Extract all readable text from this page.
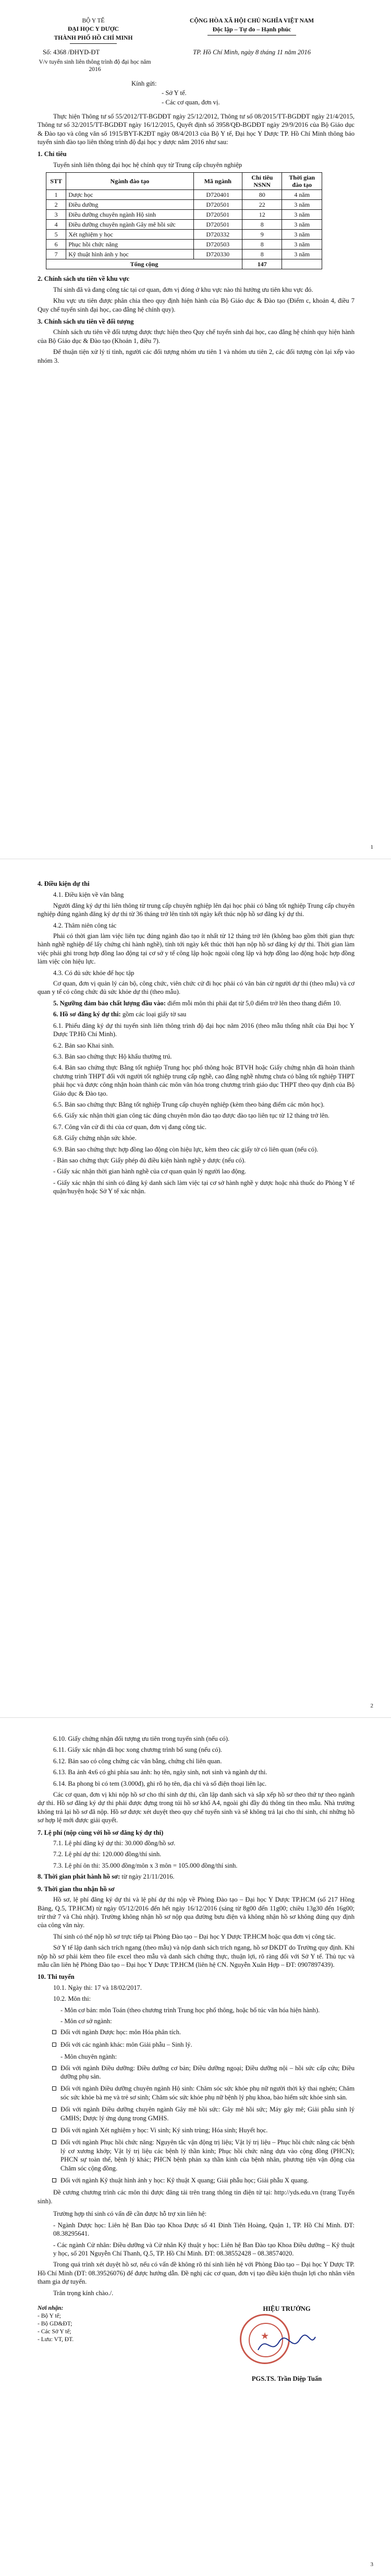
BỘ Y TẾ
ĐẠI HỌC Y DƯỢC
THÀNH PHỐ HỒ CHÍ MINH
CỘNG HÒA XÃ HỘI CHỦ NGHĨA VIỆT NAM
Độc lập – Tự do – Hạnh phúc
Số: 4368 /ĐHYD-ĐT	TP. Hồ Chí Minh, ngày 8 tháng 11 năm 2016
V/v tuyển sinh liên thông trình độ đại học năm 2016

Kính gửi:

- Sở Y tế.

- Các cơ quan, đơn vị.

Thực hiện Thông tư số 55/2012/TT-BGDĐT ngày 25/12/2012, Thông tư số 08/2015/TT-BGDĐT ngày 21/4/2015, Thông tư số 32/2015/TT-BGDĐT ngày 16/12/2015, Quyết định số 3958/QĐ-BGDĐT ngày 29/9/2016 của Bộ Giáo dục & Đào tạo và công văn số 1915/BYT-K2ĐT ngày 08/4/2013 của Bộ Y tế, Đại học Y Dược TP. Hồ Chí Minh thông báo tuyển sinh đào tạo liên thông trình độ đại học y dược năm 2016 như sau:

1. Chỉ tiêu

Tuyển sinh liên thông đại học hệ chính quy từ Trung cấp chuyên nghiệp

STT	Ngành đào tạo	Mã ngành	Chỉ tiêu NSNN	Thời gian đào tạo
1	Dược học	D720401	80	4 năm
2	Điều dưỡng	D720501	22	3 năm
3	Điều dưỡng chuyên ngành Hộ sinh	D720501	12	3 năm
4	Điều dưỡng chuyên ngành Gây mê hồi sức	D720501	8	3 năm
5	Xét nghiệm y học	D720332	9	3 năm
6	Phục hồi chức năng	D720503	8	3 năm
7	Kỹ thuật hình ảnh y học	D720330	8	3 năm
Tổng cộng			147	
2. Chính sách ưu tiên về khu vực

Thí sinh đã và đang công tác tại cơ quan, đơn vị đóng ở khu vực nào thì hưởng ưu tiên khu vực đó.

Khu vực ưu tiên được phân chia theo quy định hiện hành của Bộ Giáo dục & Đào tạo (Điểm c, khoản 4, điều 7 Quy chế tuyển sinh đại học, cao đẳng hệ chính quy).

3. Chính sách ưu tiên về đối tượng

Chính sách ưu tiên về đối tượng được thực hiện theo Quy chế tuyển sinh đại học, cao đẳng hệ chính quy hiện hành của Bộ Giáo dục & Đào tạo (Khoản 1, điều 7).

Để thuận tiện xử lý tí tình, người các đối tượng nhóm ưu tiên 1 và nhóm ưu tiên 2, các đối tượng còn lại xếp vào nhóm 3.

1
4. Điều kiện dự thi

4.1. Điều kiện về văn bằng

Người đăng ký dự thi liên thông từ trung cấp chuyên nghiệp lên đại học phải có bằng tốt nghiệp Trung cấp chuyên nghiệp đúng ngành đăng ký dự thi từ 36 tháng trở lên tính tới ngày kết thúc nộp hồ sơ đăng ký dự thi.

4.2. Thâm niên công tác

Phải có thời gian làm việc liên tục đúng ngành đào tạo ít nhất từ 12 tháng trở lên (không bao gồm thời gian thực hành nghề nghiệp để lấy chứng chỉ hành nghề), tính tới ngày kết thúc thời hạn nộp hồ sơ đăng ký dự thi. Thời gian làm việc phải ghi trong hợp đồng lao động tại cơ sở y tế công lập hoặc ngoài công lập và hợp đồng lao động hoặc hợp đồng làm việc còn hiệu lực.

4.3. Có đủ sức khỏe để học tập

Cơ quan, đơn vị quản lý cán bộ, công chức, viên chức cử đi học phải có văn bản cử người dự thi (theo mẫu) và cơ quan y tế có công chức đủ sức khỏe dự thi (theo mẫu).

5. Ngưỡng đảm bảo chất lượng đầu vào: điểm mỗi môn thi phải đạt từ 5,0 điểm trở lên theo thang điểm 10.

6. Hồ sơ đăng ký dự thi: gồm các loại giấy tờ sau

6.1. Phiếu đăng ký dự thi tuyển sinh liên thông trình độ đại học năm 2016 (theo mẫu thống nhất của Đại học Y Dược TP.Hồ Chí Minh).

6.2. Bản sao Khai sinh.

6.3. Bản sao chứng thực Hộ khẩu thường trú.

6.4. Bản sao chứng thực Bằng tốt nghiệp Trung học phổ thông hoặc BTVH hoặc Giấy chứng nhận đã hoàn thành chương trình THPT đối với người tốt nghiệp trung cấp nghề, cao đẳng nghề nhưng chưa có bằng tốt nghiệp THPT phải học và được công nhận hoàn thành các môn văn hóa trong chương trình giáo dục THPT theo quy định của Bộ Giáo dục & Đào tạo.

6.5. Bản sao chứng thực Bằng tốt nghiệp Trung cấp chuyên nghiệp (kèm theo bảng điểm các môn học).

6.6. Giấy xác nhận thời gian công tác đúng chuyên môn đào tạo được đào tạo liên tục từ 12 tháng trở lên.

6.7. Công văn cử đi thi của cơ quan, đơn vị đang công tác.

6.8. Giấy chứng nhận sức khỏe.

6.9. Bản sao chứng thực hợp đồng lao động còn hiệu lực, kèm theo các giấy tờ có liên quan (nếu có).

- Bản sao chứng thực Giấy phép đủ điều kiện hành nghề y dược (nếu có).

- Giấy xác nhận thời gian hành nghề của cơ quan quản lý người lao động.

- Giấy xác nhận thí sinh có đăng ký danh sách làm việc tại cơ sở hành nghề y dược hoặc nhà thuốc do Phòng Y tế quận/huyện hoặc Sở Y tế xác nhận.

2

6.10. Giấy chứng nhận đối tượng ưu tiên trong tuyển sinh (nếu có).

6.11. Giấy xác nhận đã học xong chương trình bổ sung (nếu có).

6.12. Bản sao có công chứng các văn bằng, chứng chỉ liên quan.

6.13. Ba ảnh 4x6 có ghi phía sau ảnh: họ tên, ngày sinh, nơi sinh và ngành dự thi.

6.14. Ba phong bì có tem (3.000đ), ghi rõ họ tên, địa chỉ và số điện thoại liên lạc.

Các cơ quan, đơn vị khi nộp hồ sơ cho thí sinh dự thi, cần lập danh sách và sắp xếp hồ sơ theo thứ tự theo ngành dự thi. Hồ sơ đăng ký dự thi phải được đựng trong túi hồ sơ khổ A4, ngoài ghi đầy đủ thông tin theo mẫu. Nhà trường không trả lại hồ sơ đã nộp. Hồ sơ được xét duyệt theo quy chế tuyển sinh và sẽ không trả lại cho thí sinh, chỉ những hồ sơ hợp lệ mới được giải quyết.

7. Lệ phí (nộp cùng với hồ sơ đăng ký dự thi)

7.1. Lệ phí đăng ký dự thi: 30.000 đồng/hồ sơ.

7.2. Lệ phí dự thi: 120.000 đồng/thí sinh.

7.3. Lệ phí ôn thi: 35.000 đồng/môn x 3 môn = 105.000 đồng/thí sinh.

8. Thời gian phát hành hồ sơ: từ ngày 21/11/2016.

9. Thời gian thu nhận hồ sơ

Hồ sơ, lệ phí đăng ký dự thi và lệ phí dự thi nộp về Phòng Đào tạo – Đại học Y Dược TP.HCM (số 217 Hồng Bàng, Q.5, TP.HCM) từ ngày 05/12/2016 đến hết ngày 16/12/2016 (sáng từ 8g00 đến 11g00; chiều 13g30 đến 16g00; trừ thứ 7 và Chủ nhật). Trường không nhận hồ sơ nộp qua đường bưu điện và không nhận hồ sơ không đúng quy định của công văn này.

Thí sinh có thể nộp hồ sơ trực tiếp tại Phòng Đào tạo – Đại học Y Dược TP.HCM hoặc qua đơn vị công tác.

Sở Y tế lập danh sách trích ngang (theo mẫu) và nộp danh sách trích ngang, hồ sơ ĐKDT do Trường quy định. Khi nộp hồ sơ phải kèm theo file excel theo mẫu và danh sách chứng thực, thuận lợi, rõ ràng đối với Sở Y tế. Thủ tục và mẫu cần liên hệ Phòng Đào tạo – Đại học Y Dược TP.HCM (liên hệ CN. Nguyễn Xuân Hợp – ĐT: 0907897439).

10. Thi tuyển

10.1. Ngày thi: 17 và 18/02/2017.

10.2. Môn thi:

- Môn cơ bản: môn Toán (theo chương trình Trung học phổ thông, hoặc bổ túc văn hóa hiện hành).

- Môn cơ sở ngành:

Đối với ngành Dược học: môn Hóa phân tích.

Đối với các ngành khác: môn Giải phẫu – Sinh lý.

- Môn chuyên ngành:

Đối với ngành Điều dưỡng: Điều dưỡng cơ bản; Điều dưỡng ngoại; Điều dưỡng nội – hồi sức cấp cứu; Điều dưỡng phụ sản.

Đối với ngành Điều dưỡng chuyên ngành Hộ sinh: Chăm sóc sức khỏe phụ nữ người thời kỳ thai nghén; Chăm sóc sức khỏe bà mẹ và trẻ sơ sinh; Chăm sóc sức khỏe phụ nữ bệnh lý phụ khoa, bảo hiểm sức khỏe sinh sản.

Đối với ngành Điều dưỡng chuyên ngành Gây mê hồi sức: Gây mê hồi sức; Máy gây mê; Giải phẫu sinh lý GMHS; Dược lý ứng dụng trong GMHS.

Đối với ngành Xét nghiệm y học: Vi sinh; Ký sinh trùng; Hóa sinh; Huyết học.

Đối với ngành Phục hồi chức năng: Nguyên tắc vận động trị liệu; Vật lý trị liệu – Phục hồi chức năng các bệnh lý cơ xương khớp; Vật lý trị liệu các bệnh lý thần kinh; Phục hồi chức năng dựa vào cộng đồng (PHCN); PHCN sự toàn thể, bệnh lý khác; PHCN bệnh phản xạ thần kinh của bệnh nhân, phương tiện vận động của Chăm sóc cộng đồng.

Đối với ngành Kỹ thuật hình ảnh y học: Kỹ thuật X quang; Giải phẫu học; Giải phẫu X quang.

Đề cương chương trình các môn thi được đăng tải trên trang thông tin điện tử tại: http://yds.edu.vn (trang Tuyển sinh).

Trường hợp thí sinh có vấn đề cần được hỗ trợ xin liên hệ:

- Ngành Dược học: Liên hệ Ban Đào tạo Khoa Dược số 41 Đinh Tiên Hoàng, Quận 1, TP. Hồ Chí Minh. ĐT: 08.38295641.

- Các ngành Cử nhân: Điều dưỡng và Cử nhân Kỹ thuật y học: Liên hệ Ban Đào tạo Khoa Điều dưỡng – Kỹ thuật y học, số 201 Nguyễn Chí Thanh, Q.5, TP. Hồ Chí Minh. ĐT: 08.38552428 – 08.38574020.

Trong quá trình xét duyệt hồ sơ, nếu có vấn đề không rõ thí sinh liên hệ với Phòng Đào tạo – Đại học Y Dược TP. Hồ Chí Minh (ĐT: 08.39526076) để được hướng dẫn. Đề nghị các cơ quan, đơn vị tạo điều kiện thuận lợi cho nhân viên tham gia dự tuyển.

Trân trọng kính chào./.

Nơi nhận:
- Bộ Y tế;
- Bộ GD&ĐT;
- Các Sở Y tế;
- Lưu: VT, ĐT.
HIỆU TRƯỞNG
★
PGS.TS. Trần Diệp Tuấn
3
